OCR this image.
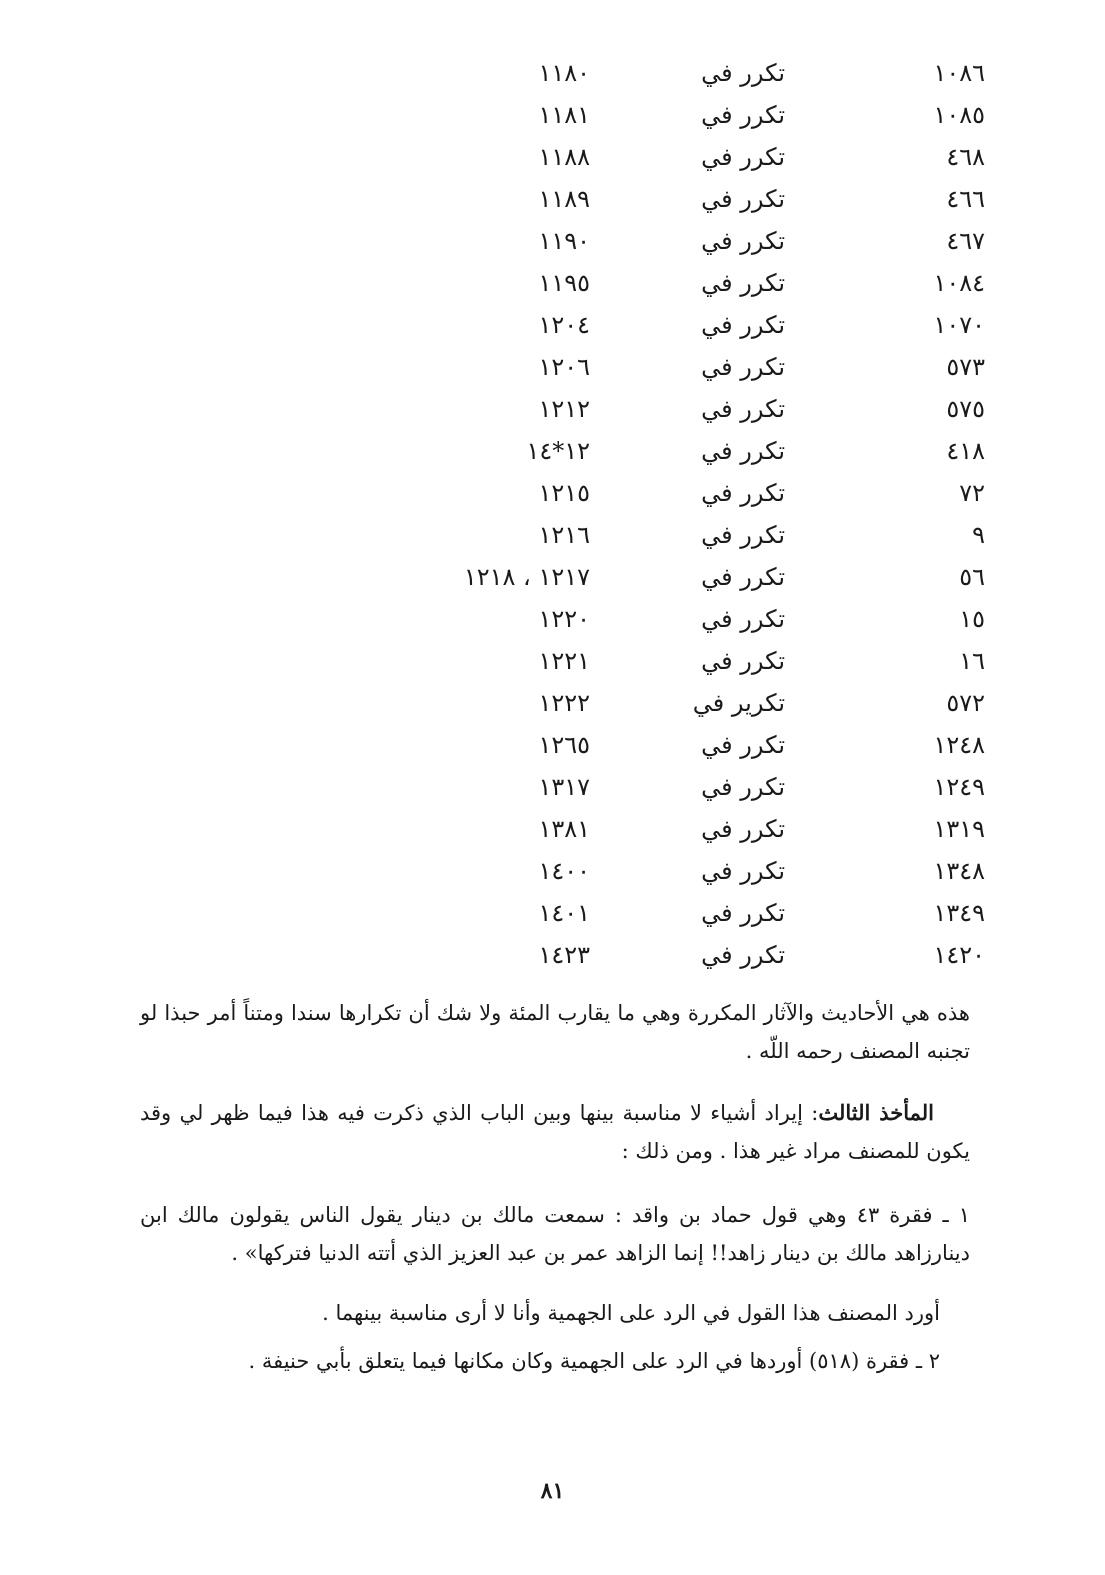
١٠٨٦
تكرر في
١١٨٠
١٠٨٥
تكرر في
١١٨١
٤٦٨
تكرر في
١١٨٨
٤٦٦
تكرر في
١١٨٩
٤٦٧
تكرر في
١١٩٠
١٠٨٤
تكرر في
١١٩٥
١٠٧٠
تكرر في
١٢٠٤
٥٧٣
تكرر في
١٢٠٦
٥٧٥
تكرر في
١٢١٢
٤١٨
تكرر في
١٢*١٤
٧٢
تكرر في
١٢١٥
٩
تكرر في
١٢١٦
٥٦
تكرر في
١٢١٧ ، ١٢١٨
١٥
تكرر في
١٢٢٠
١٦
تكرر في
١٢٢١
٥٧٢
تكرير في
١٢٢٢
١٢٤٨
تكرر في
١٢٦٥
١٢٤٩
تكرر في
١٣١٧
١٣١٩
تكرر في
١٣٨١
١٣٤٨
تكرر في
١٤٠٠
١٣٤٩
تكرر في
١٤٠١
١٤٢٠
تكرر في
١٤٢٣

هذه هي الأحاديث والآثار المكررة وهي ما يقارب المئة ولا شك أن تكرارها سندا ومتناً أمر حبذا لو تجنبه المصنف رحمه اللّه .

المأخذ الثالث: إيراد أشياء لا مناسبة بينها وبين الباب الذي ذكرت فيه هذا فيما ظهر لي وقد يكون للمصنف مراد غير هذا . ومن ذلك :

١ ـ فقرة ٤٣ وهي قول حماد بن واقد : سمعت مالك بن دينار يقول الناس يقولون مالك ابن دينارزاهد مالك بن دينار زاهد!! إنما الزاهد عمر بن عبد العزيز الذي أتته الدنيا فتركها» .

أورد المصنف هذا القول في الرد على الجهمية وأنا لا أرى مناسبة بينهما .

٢ ـ فقرة (٥١٨) أوردها في الرد على الجهمية وكان مكانها فيما يتعلق بأبي حنيفة .

٨١
